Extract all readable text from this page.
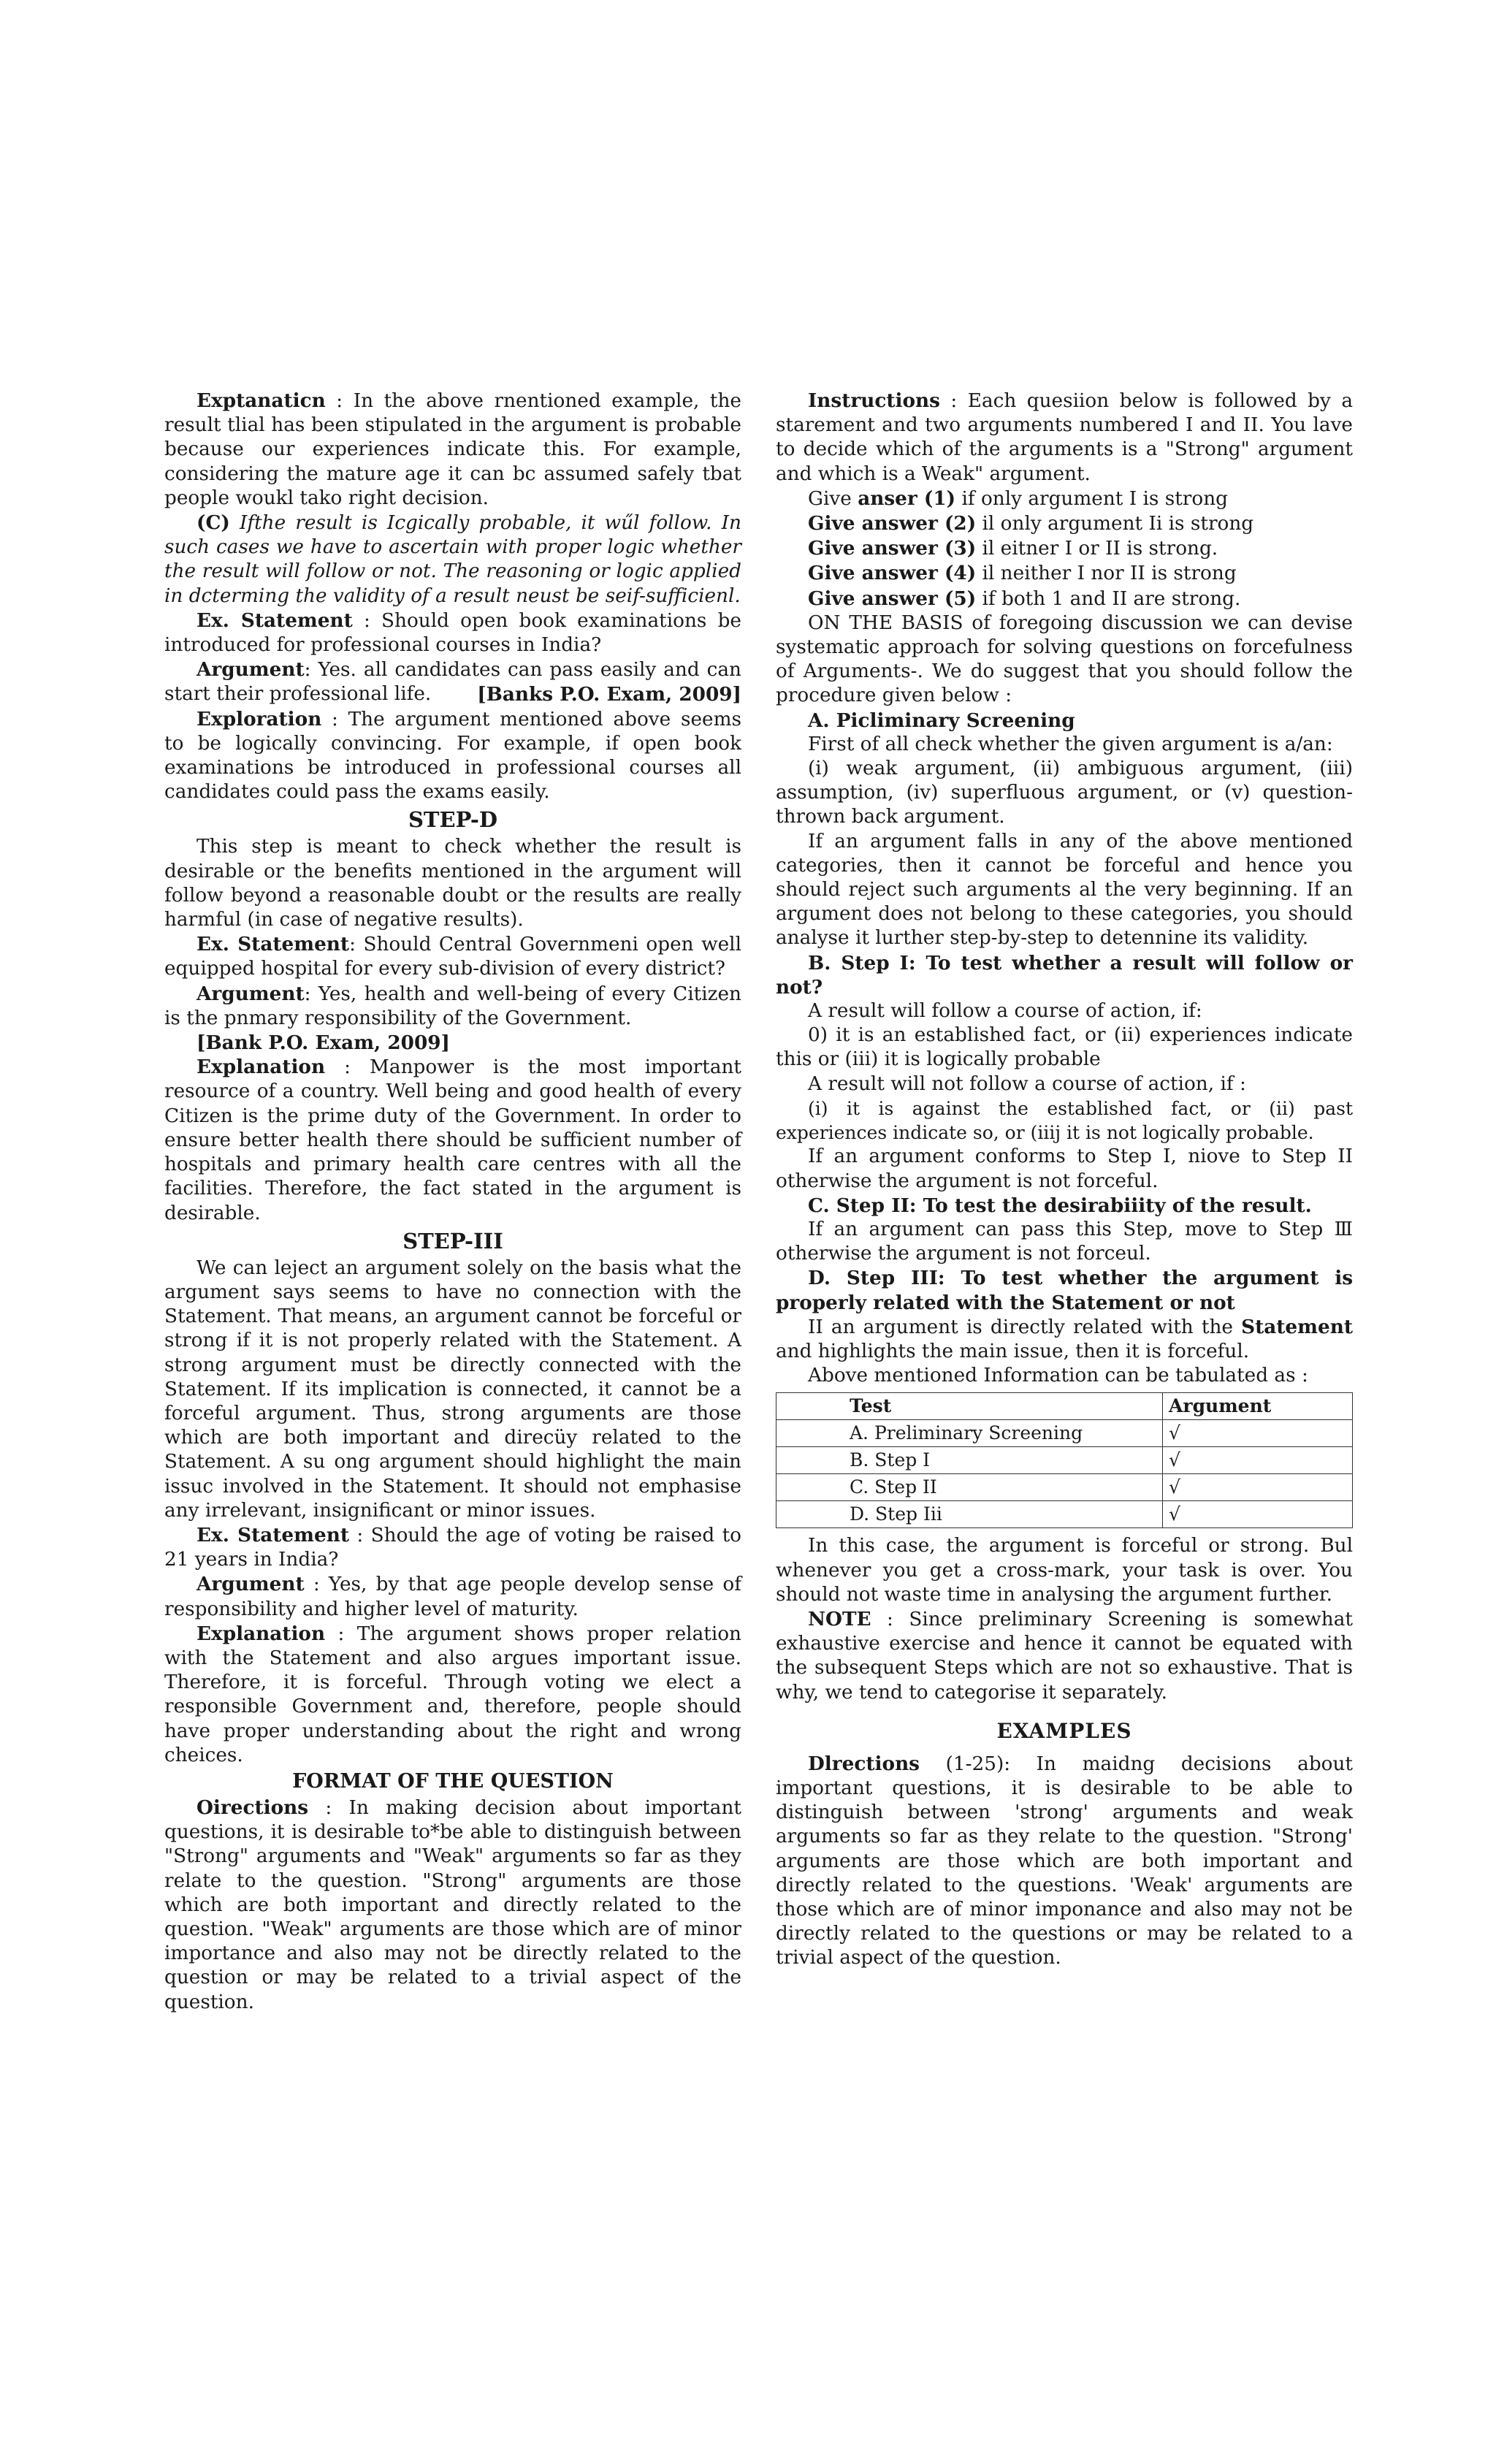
Exptanaticn : In the above rnentioned example, the result tlial has been stipulated in the argument is probable because our experiences indicate this. For example, considering the mature age it can bc assumed safely tbat people woukl tako right decision.

(C) Ifthe result is Icgically probable, it wűl follow. In such cases we have to ascertain with proper logic whether the result will follow or not. The reasoning or logic applied in dcterming the validity of a result neust be seif-sufficienl.

Ex. Statement : Should open book examinations be introduced for professional courses in India?

Argument: Yes. all candidates can pass easily and can start their professional life.	[Banks P.O. Exam, 2009]

Exploration : The argument mentioned above seems to be logically convincing. For example, if open book examinations be introduced in professional courses all candidates could pass the exams easily.

STEP-D

This step is meant to check whether the result is desirable or the benefits mentioned in the argument will follow beyond a reasonable doubt or the results are really harmful (in case of negative results).

Ex. Statement: Should Central Governmeni open well equipped hospital for every sub-division of every district?

Argument: Yes, health and well-being of every Citizen is the pnmary responsibility of the Government.

[Bank P.O. Exam, 2009]

Explanation : Manpower is the most important resource of a country. Well being and good health of every Citizen is the prime duty of the Government. In order to ensure better health there should be sufficient number of hospitals and primary health care centres with all the facilities. Therefore, the fact stated in the argument is desirable.

STEP-III

We can leject an argument solely on the basis what the argument says seems to have no connection with the Statement. That means, an argument cannot be forceful or strong if it is not properly related with the Statement. A strong argument must be directly connected with the Statement. If its implication is connected, it cannot be a forceful argument. Thus, strong arguments are those which are both important and direcüy related to the Statement. A su ong argument should highlight the main issuc involved in the Statement. It should not emphasise any irrelevant, insignificant or minor issues.

Ex. Statement : Should the age of voting be raised to 21 years in India?

Argument : Yes, by that age people develop sense of responsibility and higher level of maturity.

Explanation : The argument shows proper relation with the Statement and also argues important issue. Therefore, it is forceful. Through voting we elect a responsible Government and, therefore, people should have proper understanding about the right and wrong cheices.

FORMAT OF THE QUESTION

Oirections : In making decision about important questions, it is desirable to*be able to distinguish between "Strong" arguments and "Weak" arguments so far as they relate to the question. "Strong" arguments are those which are both important and directly related to the question. "Weak" arguments are those which are of minor importance and also may not be directly related to the question or may be related to a trivial aspect of the question.

Instructions : Each quesiion below is followed by a starement and two arguments numbered I and II. You lave to decide which of the arguments is a "Strong" argument and which is a Weak" argument.

Give anser (1) if only argument I is strong

Give answer (2) il only argument Ii is strong

Give answer (3) il eitner I or II is strong.

Give answer (4) il neither I nor II is strong

Give answer (5) if both 1 and II are strong.

ON THE BASIS of foregoing discussion we can devise systematic approach for solving questions on forcefulness of Arguments-. We do suggest that you should follow the procedure given below :

A. Picliminary Screening

First of all check whether the given argument is a/an:

(i) weak argument, (ii) ambiguous argument, (iii) assumption, (iv) superfluous argument, or (v) question-thrown back argument.

If an argument falls in any of the above mentioned categories, then it cannot be forceful and hence you should reject such arguments al the very beginning. If an argument does not belong to these categories, you should analyse it lurther step-by-step to detennine its validity.

B. Step I: To test whether a result will follow or not?

A result will follow a course of action, if:

0) it is an established fact, or (ii) experiences indicate this or (iii) it is logically probable

A result will not follow a course of action, if :

(i) it is against the established fact, or (ii) past experiences indicate so, or (iiij it is not logically probable.

If an argument conforms to Step I, niove to Step II otherwise the argument is not forceful.

C. Step II: To test the desirabiiity of the result.

If an argument can pass this Step, move to Step Ⅲ otherwise the argument is not forceul.

D. Step III: To test whether the argument is properly related with the Statement or not

II an argument is directly related with the Statement and highlights the main issue, then it is forceful.

Above mentioned Information can be tabulated as :

Test	Argument
A. Preliminary Screening	√
B. Step I	√
C. Step II	√
D. Step Iii	√

In this case, the argument is forceful or strong. Bul whenever you get a cross-mark, your task is over. You should not waste time in analysing the argument further.

NOTE : Since preliminary Screening is somewhat exhaustive exercise and hence it cannot be equated with the subsequent Steps which are not so exhaustive. That is why, we tend to categorise it separately.

EXAMPLES

Dlrections (1-25): In maidng decisions about important questions, it is desirable to be able to distinguish between 'strong' arguments and weak arguments so far as they relate to the question. "Strong' arguments are those which are both important and directly related to the questions. 'Weak' arguments are those which are of minor imponance and also may not be directly related to the questions or may be related to a trivial aspect of the question.
